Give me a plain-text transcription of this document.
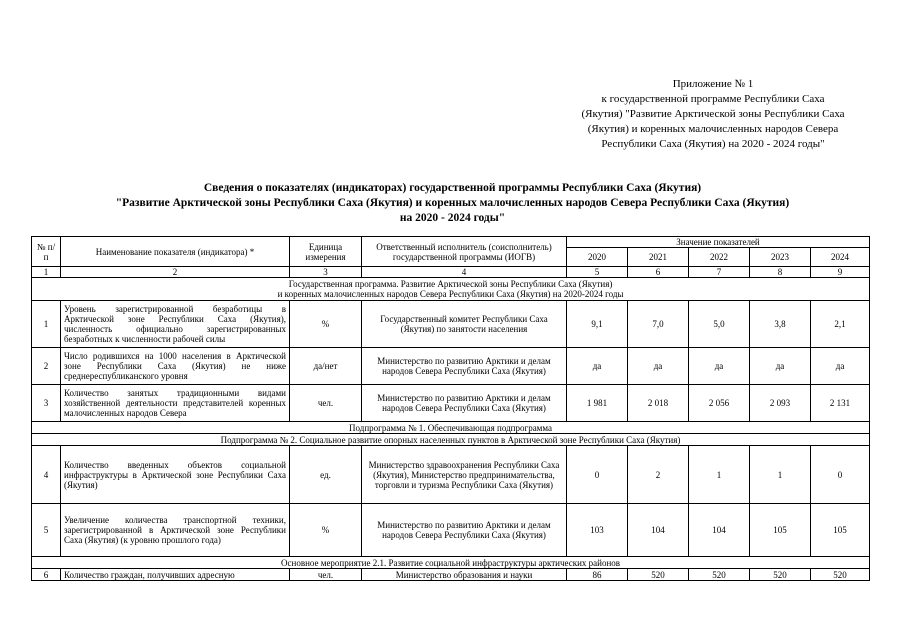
Приложение № 1
к государственной программе Республики Саха
(Якутия) "Развитие Арктической зоны Республики Саха
(Якутия) и коренных малочисленных народов Севера
Республики Саха (Якутия) на 2020 - 2024 годы"
Сведения о показателях (индикаторах) государственной программы Республики Саха (Якутия)
"Развитие Арктической зоны Республики Саха (Якутия) и коренных малочисленных народов Севера Республики Саха (Якутия)
на 2020 - 2024 годы"
№ п/п	Наименование показателя (индикатора) *	Единица измерения	Ответственный исполнитель (соисполнитель) государственной программы (ИОГВ)	Значение показателей				
				2020	2021	2022	2023	2024
1	2	3	4	5	6	7	8	9

Государственная программа. Развитие Арктической зоны Республики Саха (Якутия)
и коренных малочисленных народов Севера Республики Саха (Якутия) на 2020-2024 годы								

1	Уровень зарегистрированной безработицы в Арктической зоне Республики Саха (Якутия), численность официально зарегистрированных безработных к численности рабочей силы	%	Государственный комитет Республики Саха (Якутия) по занятости населения	9,1	7,0	5,0	3,8	2,1
2	Число родившихся на 1000 населения в Арктической зоне Республики Саха (Якутия) не ниже среднереспубликанского уровня	да/нет	Министерство по развитию Арктики и делам народов Севера Республики Саха (Якутия)	да	да	да	да	да
3	Количество занятых традиционными видами хозяйственной деятельности представителей коренных малочисленных народов Севера	чел.	Министерство по развитию Арктики и делам народов Севера Республики Саха (Якутия)	1 981	2 018	2 056	2 093	2 131
Подпрограмма № 1. Обеспечивающая подпрограмма								
Подпрограмма № 2. Социальное развитие опорных населенных пунктов в Арктической зоне Республики Саха (Якутия)								
4	Количество введенных объектов социальной инфраструктуры в Арктической зоне Республики Саха (Якутия)	ед.	Министерство здравоохранения Республики Саха (Якутия), Министерство предпринимательства, торговли и туризма Республики Саха (Якутия)	0	2	1	1	0
5	Увеличение количества транспортной техники, зарегистрированной в Арктической зоне Республики Саха (Якутия) (к уровню прошлого года)	%	Министерство по развитию Арктики и делам народов Севера Республики Саха (Якутия)	103	104	104	105	105
Основное мероприятие 2.1. Развитие социальной инфраструктуры арктических районов								
6	Количество граждан, получивших адресную	чел.	Министерство образования и науки	86	520	520	520	520
